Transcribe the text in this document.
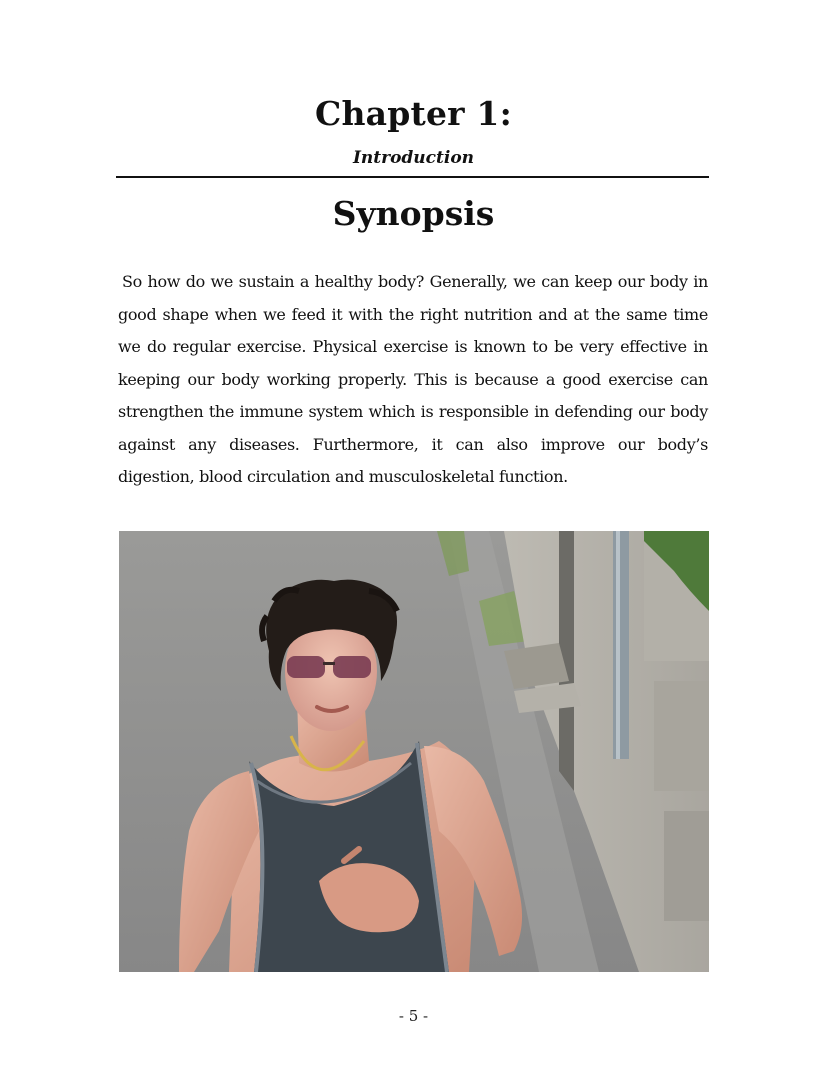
Chapter 1:
Introduction
Synopsis

So how do we sustain a healthy body? Generally, we can keep our body in good shape when we feed it with the right nutrition and at the same time we do regular exercise. Physical exercise is known to be very effective in keeping our body working properly. This is because a good exercise can strengthen the immune system which is responsible in defending our body against any diseases. Furthermore, it can also improve our body’s digestion, blood circulation and musculoskeletal function.

- 5 -
